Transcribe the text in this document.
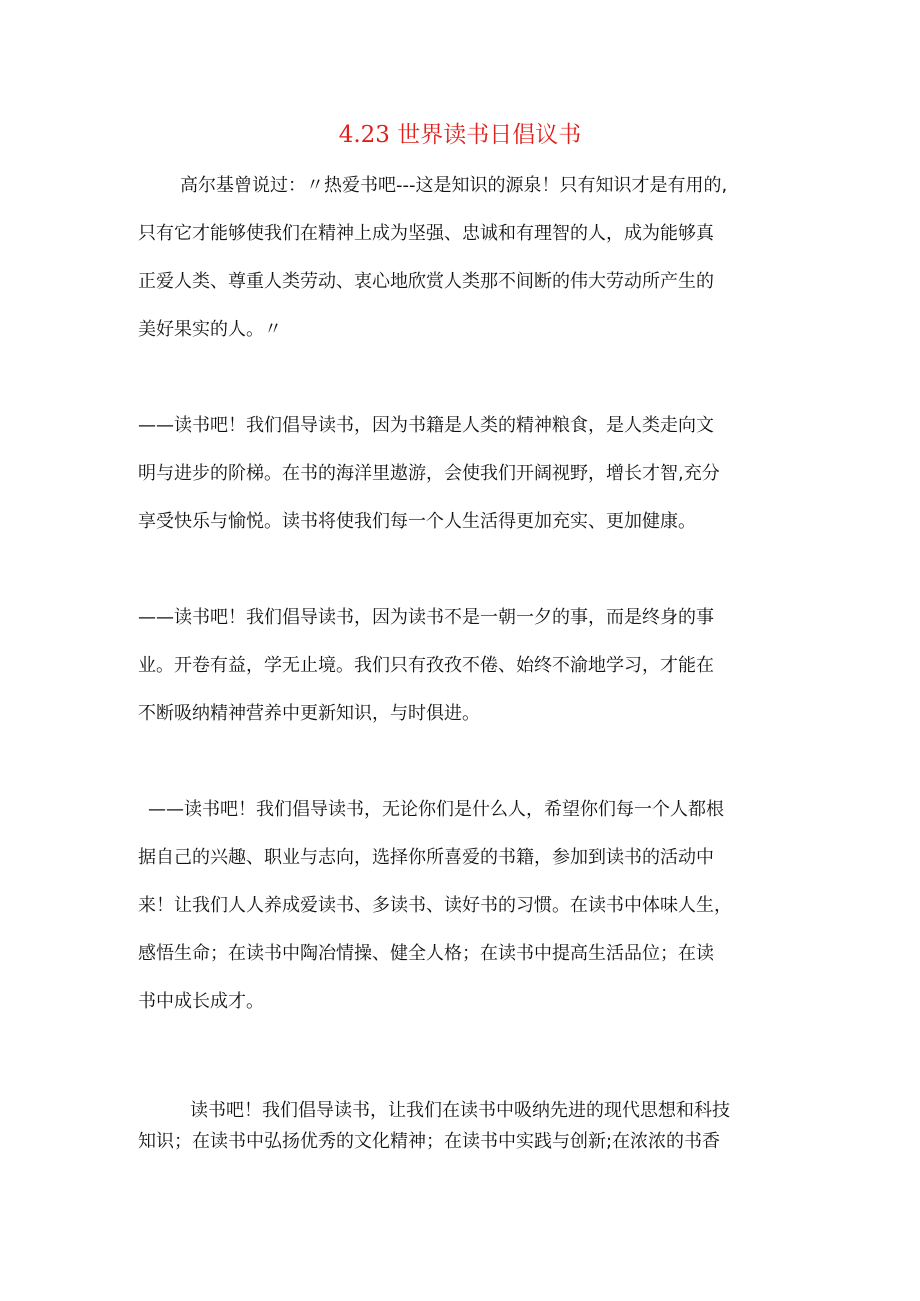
4.23 世界读书日倡议书
高尔基曾说过：〃热爱书吧---这是知识的源泉！只有知识才是有用的,
只有它才能够使我们在精神上成为坚强、忠诚和有理智的人，成为能够真
正爱人类、尊重人类劳动、衷心地欣赏人类那不间断的伟大劳动所产生的
美好果实的人。〃
——读书吧！我们倡导读书，因为书籍是人类的精神粮食，是人类走向文
明与进步的阶梯。在书的海洋里遨游，会使我们开阔视野，增长才智,充分
享受快乐与愉悦。读书将使我们每一个人生活得更加充实、更加健康。
——读书吧！我们倡导读书，因为读书不是一朝一夕的事，而是终身的事
业。开卷有益，学无止境。我们只有孜孜不倦、始终不渝地学习，才能在
不断吸纳精神营养中更新知识，与时俱进。
——读书吧！我们倡导读书，无论你们是什么人，希望你们每一个人都根
据自己的兴趣、职业与志向，选择你所喜爱的书籍，参加到读书的活动中
来！让我们人人养成爱读书、多读书、读好书的习惯。在读书中体味人生，
感悟生命；在读书中陶冶情操、健全人格；在读书中提高生活品位；在读
书中成长成才。
读书吧！我们倡导读书，让我们在读书中吸纳先进的现代思想和科技
知识；在读书中弘扬优秀的文化精神；在读书中实践与创新;在浓浓的书香
